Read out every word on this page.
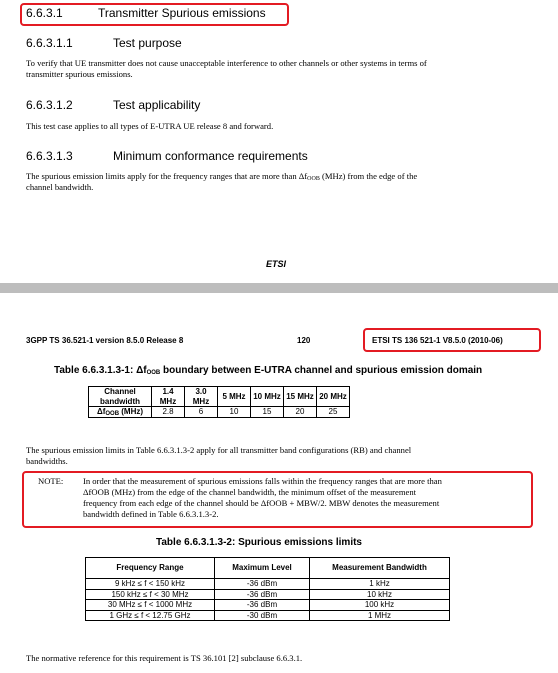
6.6.3.1	Transmitter Spurious emissions
6.6.3.1.1	Test purpose
To verify that UE transmitter does not cause unacceptable interference to other channels or other systems in terms of
transmitter spurious emissions.
6.6.3.1.2	Test applicability
This test case applies to all types of E-UTRA UE release 8 and forward.
6.6.3.1.3	Minimum conformance requirements
The spurious emission limits apply for the frequency ranges that are more than $\Delta f_{OOB}$ (MHz) from the edge of the
channel bandwidth.
ETSI
3GPP TS 36.521-1 version 8.5.0 Release 8	120	ETSI TS 136 521-1 V8.5.0 (2010-06)
Table 6.6.3.1.3-1: $\Delta f_{OOB}$ boundary between E-UTRA channel and spurious emission domain
Channel bandwidth	1.4 MHz	3.0 MHz	5 MHz	10 MHz	15 MHz	20 MHz
$\Delta f_{OOB}$ (MHz)	2.8	6	10	15	20	25
The spurious emission limits in Table 6.6.3.1.3-2 apply for all transmitter band configurations (RB) and channel
bandwidths.
NOTE: In order that the measurement of spurious emissions falls within the frequency ranges that are more than
ΔfOOB (MHz) from the edge of the channel bandwidth, the minimum offset of the measurement
frequency from each edge of the channel should be ΔfOOB + MBW/2. MBW denotes the measurement
bandwidth defined in Table 6.6.3.1.3-2.
Table 6.6.3.1.3-2: Spurious emissions limits
Frequency Range	Maximum Level	Measurement Bandwidth
9 kHz ≤ f < 150 kHz	-36 dBm	1 kHz
150 kHz ≤ f < 30 MHz	-36 dBm	10 kHz
30 MHz ≤ f < 1000 MHz	-36 dBm	100 kHz
1 GHz ≤ f < 12.75 GHz	-30 dBm	1 MHz
The normative reference for this requirement is TS 36.101 [2] subclause 6.6.3.1.
